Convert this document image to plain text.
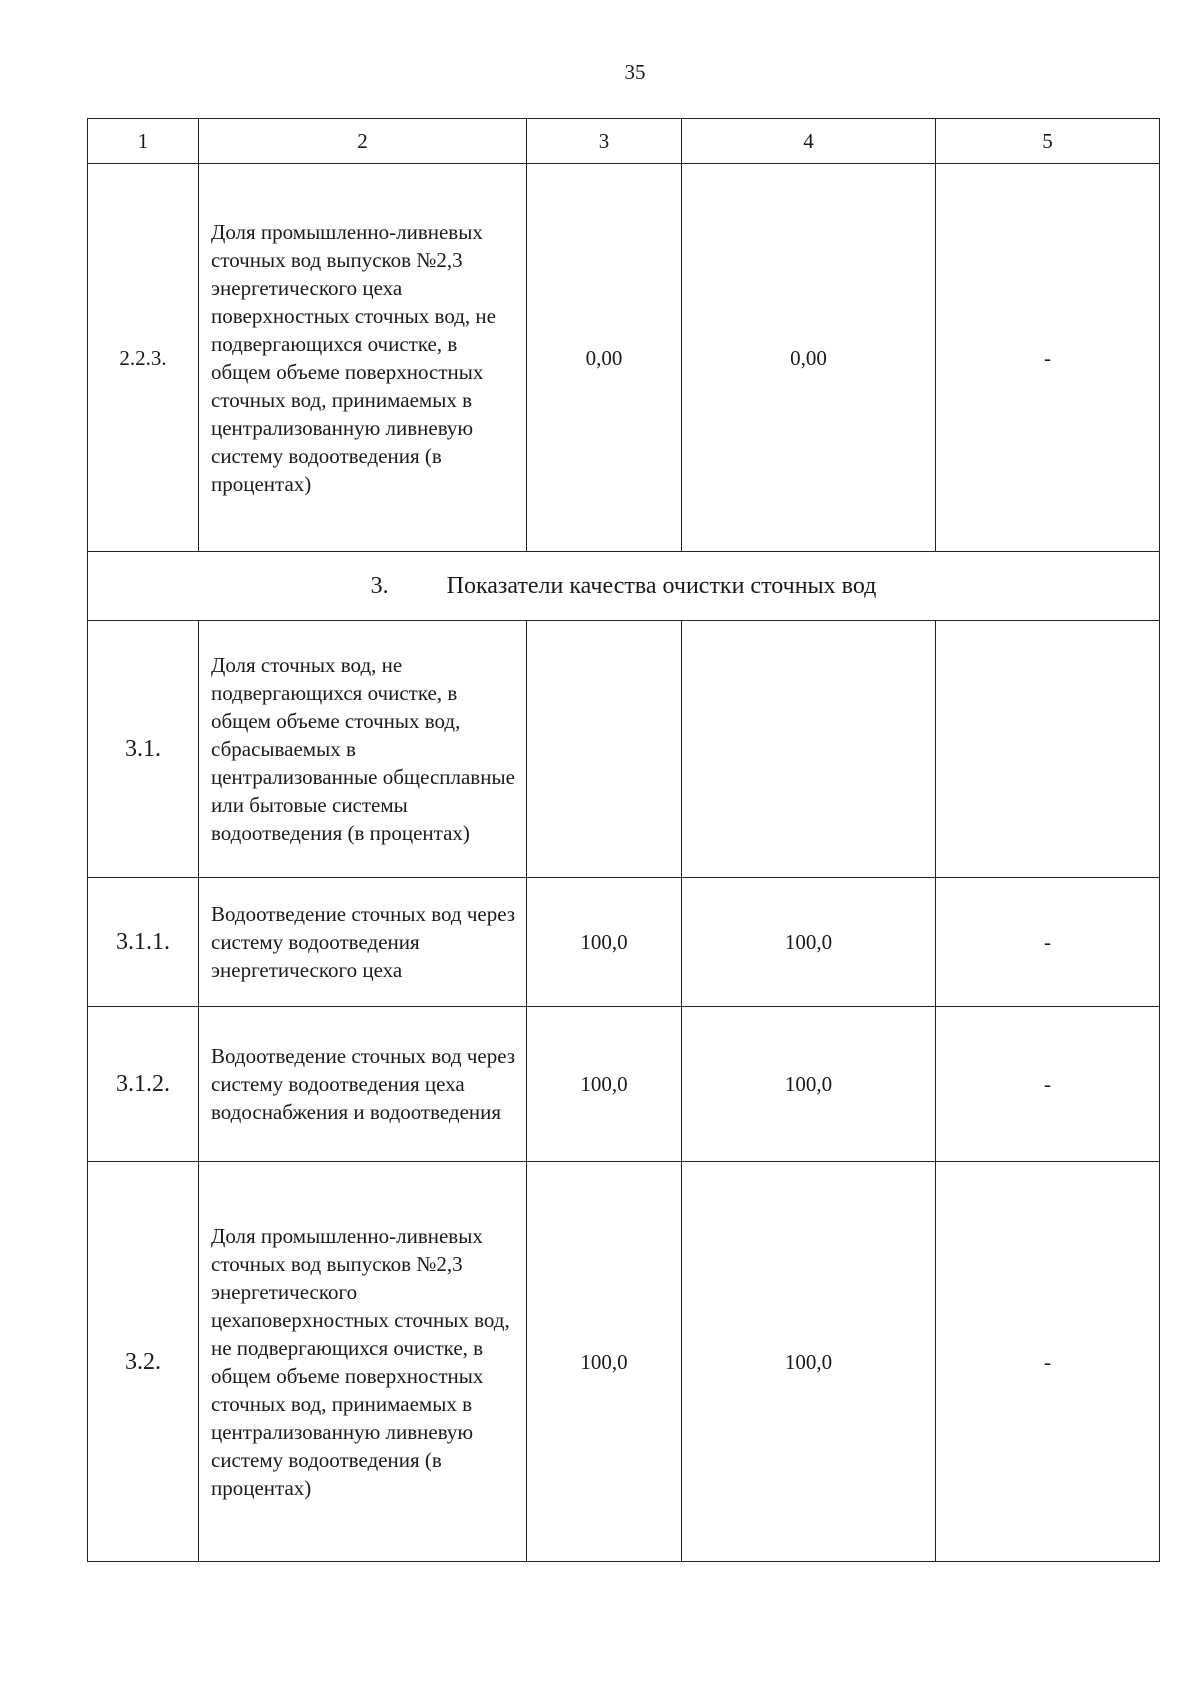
35
1	2	3	4	5
2.2.3.	Доля промышленно-ливневых сточных вод выпусков №2,3 энергетического цеха поверхностных сточных вод, не подвергающихся очистке, в общем объеме поверхностных сточных вод, принимаемых в централизованную ливневую систему водоотведения (в процентах)	0,00	0,00	-
3. Показатели качества очистки сточных вод				
3.1.	Доля сточных вод, не подвергающихся очистке, в общем объеме сточных вод, сбрасываемых в централизованные общесплавные или бытовые системы водоотведения (в процентах)			
3.1.1.	Водоотведение сточных вод через систему водоотведения энергетического цеха	100,0	100,0	-
3.1.2.	Водоотведение сточных вод через систему водоотведения цеха водоснабжения и водоотведения	100,0	100,0	-
3.2.	Доля промышленно-ливневых сточных вод выпусков №2,3 энергетического цехаповерхностных сточных вод, не подвергающихся очистке, в общем объеме поверхностных сточных вод, принимаемых в централизованную ливневую систему водоотведения (в процентах)	100,0	100,0	-
